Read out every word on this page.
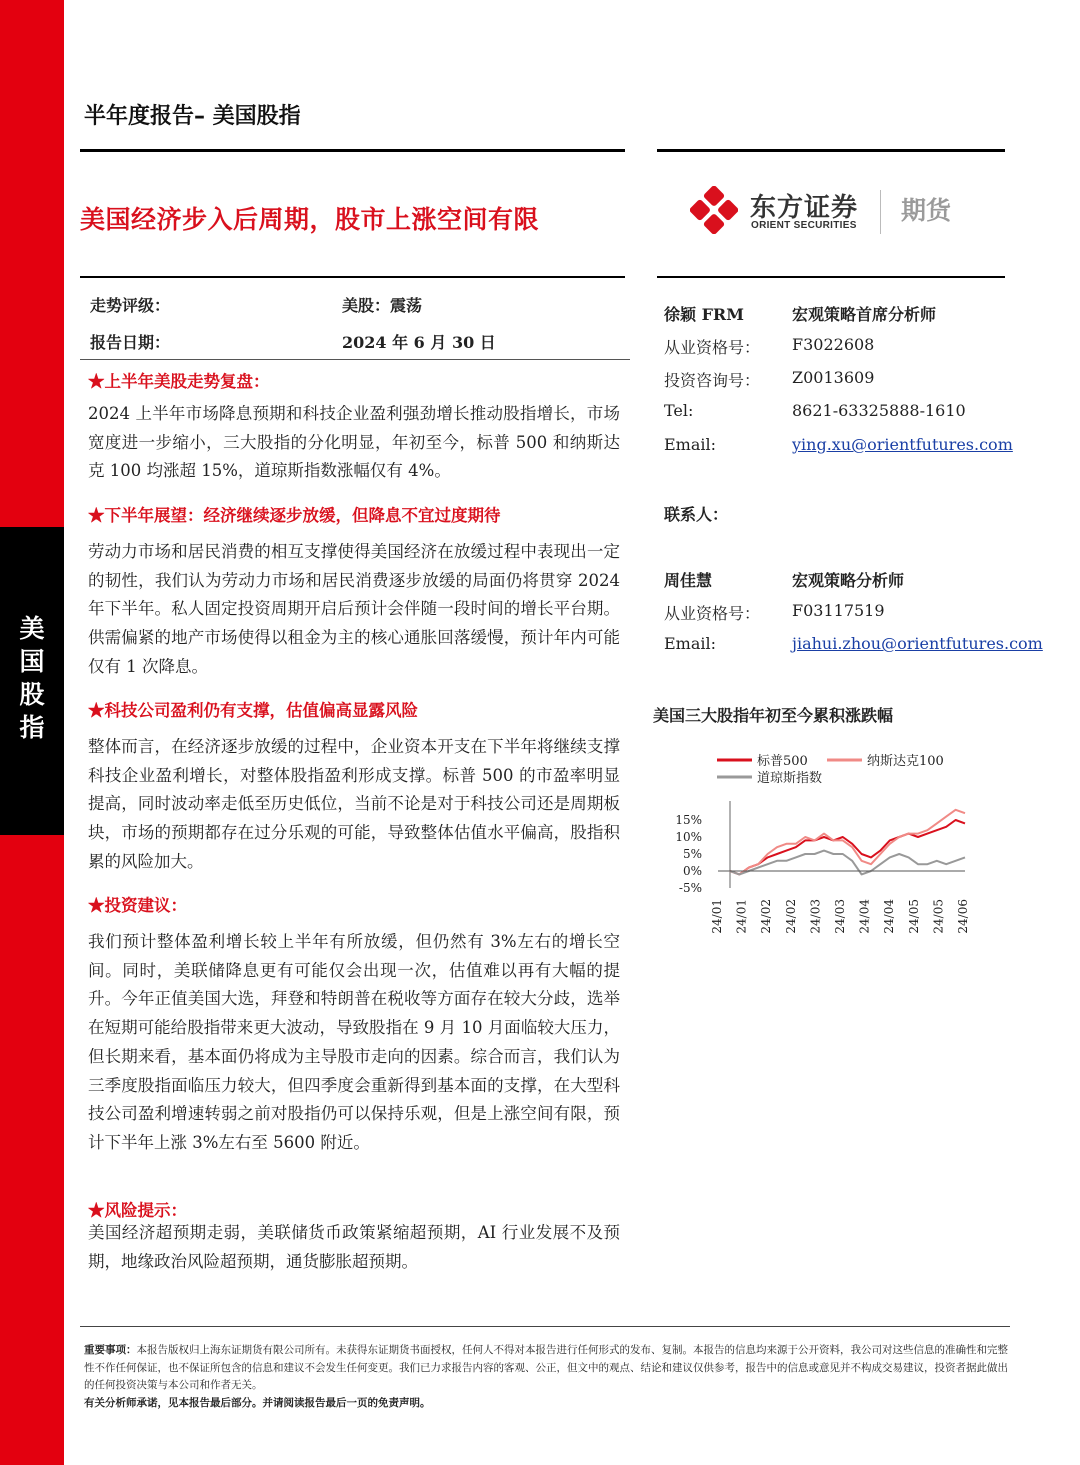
美
国
股
指
半年度报告– 美国股指
美国经济步入后周期，股市上涨空间有限	东方证券
ORIENT SECURITIES
期货
走势评级：	美股：震荡
报告日期：	2024 年 6 月 30 日
★上半年美股走势复盘：
2024 上半年市场降息预期和科技企业盈利强劲增长推动股指增长，市场宽度进一步缩小，三大股指的分化明显，年初至今，标普 500 和纳斯达克 100 均涨超 15%，道琼斯指数涨幅仅有 4%。
★下半年展望：经济继续逐步放缓，但降息不宜过度期待
劳动力市场和居民消费的相互支撑使得美国经济在放缓过程中表现出一定的韧性，我们认为劳动力市场和居民消费逐步放缓的局面仍将贯穿 2024 年下半年。私人固定投资周期开启后预计会伴随一段时间的增长平台期。供需偏紧的地产市场使得以租金为主的核心通胀回落缓慢，预计年内可能仅有 1 次降息。
★科技公司盈利仍有支撑，估值偏高显露风险
整体而言，在经济逐步放缓的过程中，企业资本开支在下半年将继续支撑科技企业盈利增长，对整体股指盈利形成支撑。标普 500 的市盈率明显提高，同时波动率走低至历史低位，当前不论是对于科技公司还是周期板块，市场的预期都存在过分乐观的可能，导致整体估值水平偏高，股指积累的风险加大。
★投资建议：
我们预计整体盈利增长较上半年有所放缓，但仍然有 3%左右的增长空间。同时，美联储降息更有可能仅会出现一次，估值难以再有大幅的提升。今年正值美国大选，拜登和特朗普在税收等方面存在较大分歧，选举在短期可能给股指带来更大波动，导致股指在 9 月 10 月面临较大压力，但长期来看，基本面仍将成为主导股市走向的因素。综合而言，我们认为三季度股指面临压力较大，但四季度会重新得到基本面的支撑，在大型科技公司盈利增速转弱之前对股指仍可以保持乐观，但是上涨空间有限，预计下半年上涨 3%左右至 5600 附近。
★风险提示：
美国经济超预期走弱，美联储货币政策紧缩超预期，AI 行业发展不及预期，地缘政治风险超预期，通货膨胀超预期。
徐颖 FRM	宏观策略首席分析师
从业资格号： F3022608
投资咨询号： Z0013609
Tel:	8621-63325888-1610
Email:	ying.xu@orientfutures.com
联系人：
周佳慧	宏观策略分析师
从业资格号： F03117519
Email:	jiahui.zhou@orientfutures.com
美国三大股指年初至今累积涨跌幅
标普500	纳斯达克100
道琼斯指数
-5%
0%
5%
10%
15%
24/01 24/01 24/02 24/02 24/03 24/03 24/04 24/04 24/05 24/05 24/06
重要事项：本报告版权归上海东证期货有限公司所有。未获得东证期货书面授权，任何人不得对本报告进行任何形式的发布、复制。本报告的信息均来源于公开资料，我公司对这些信息的准确性和完整性不作任何保证，也不保证所包含的信息和建议不会发生任何变更。我们已力求报告内容的客观、公正，但文中的观点、结论和建议仅供参考，报告中的信息或意见并不构成交易建议，投资者据此做出的任何投资决策与本公司和作者无关。
有关分析师承诺，见本报告最后部分。并请阅读报告最后一页的免责声明。
